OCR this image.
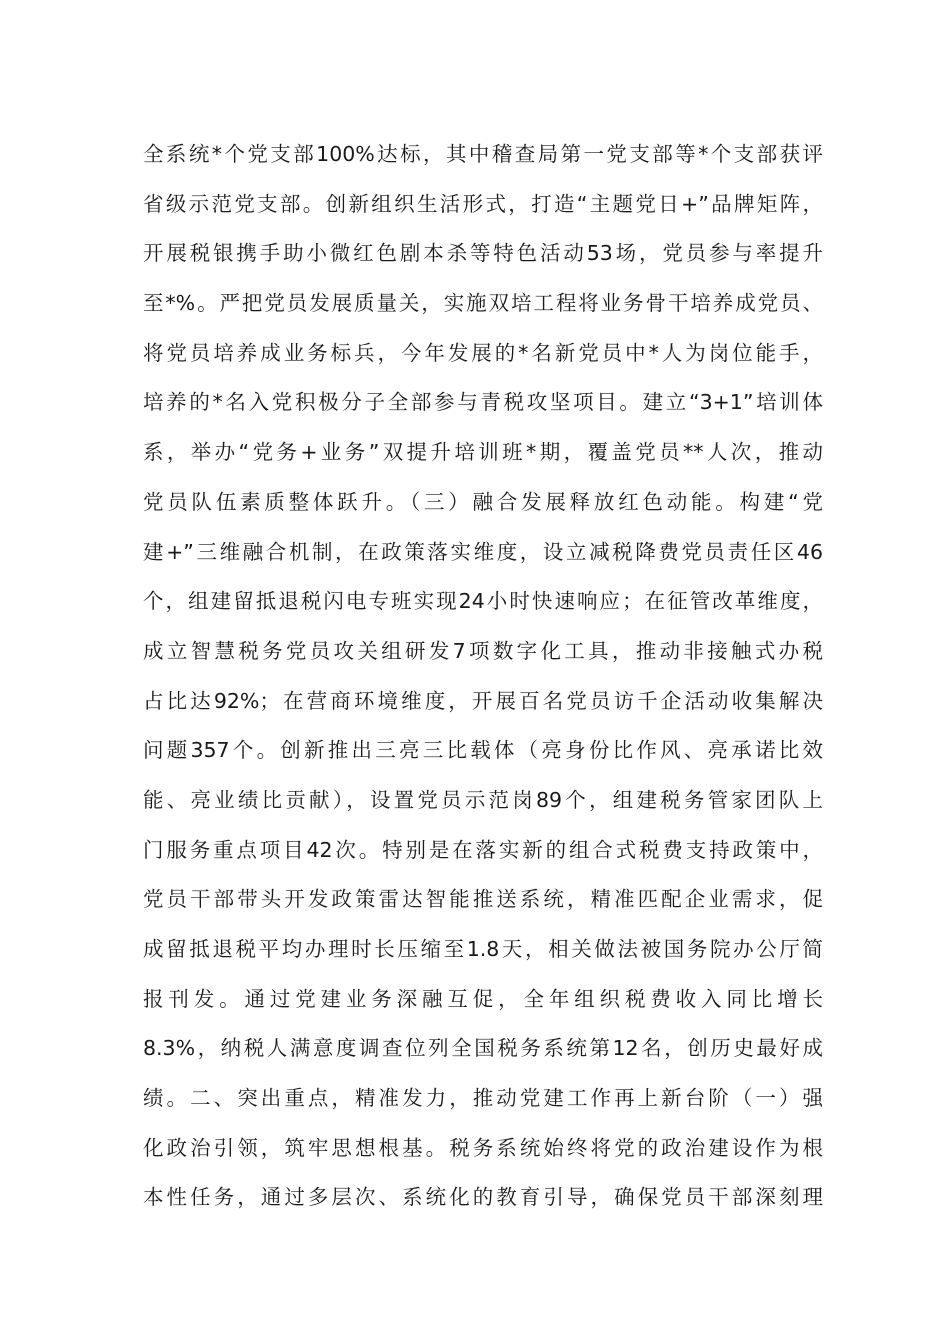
全系统*个党支部100%达标，其中稽查局第一党支部等*个支部获评
省级示范党支部。创新组织生活形式，打造“主题党日+”品牌矩阵，
开展税银携手助小微红色剧本杀等特色活动53场，党员参与率提升
至*%。严把党员发展质量关，实施双培工程将业务骨干培养成党员、
将党员培养成业务标兵，今年发展的*名新党员中*人为岗位能手，
培养的*名入党积极分子全部参与青税攻坚项目。建立“3+1”培训体
系，举办“党务+业务”双提升培训班*期，覆盖党员**人次，推动
党员队伍素质整体跃升。（三）融合发展释放红色动能。构建“党
建+”三维融合机制，在政策落实维度，设立减税降费党员责任区46
个，组建留抵退税闪电专班实现24小时快速响应；在征管改革维度，
成立智慧税务党员攻关组研发7项数字化工具，推动非接触式办税
占比达92%；在营商环境维度，开展百名党员访千企活动收集解决
问题357个。创新推出三亮三比载体（亮身份比作风、亮承诺比效
能、亮业绩比贡献），设置党员示范岗89个，组建税务管家团队上
门服务重点项目42次。特别是在落实新的组合式税费支持政策中，
党员干部带头开发政策雷达智能推送系统，精准匹配企业需求，促
成留抵退税平均办理时长压缩至1.8天，相关做法被国务院办公厅简
报刊发。通过党建业务深融互促，全年组织税费收入同比增长
8.3%，纳税人满意度调查位列全国税务系统第12名，创历史最好成
绩。二、突出重点，精准发力，推动党建工作再上新台阶（一）强
化政治引领，筑牢思想根基。税务系统始终将党的政治建设作为根
本性任务，通过多层次、系统化的教育引导，确保党员干部深刻理
